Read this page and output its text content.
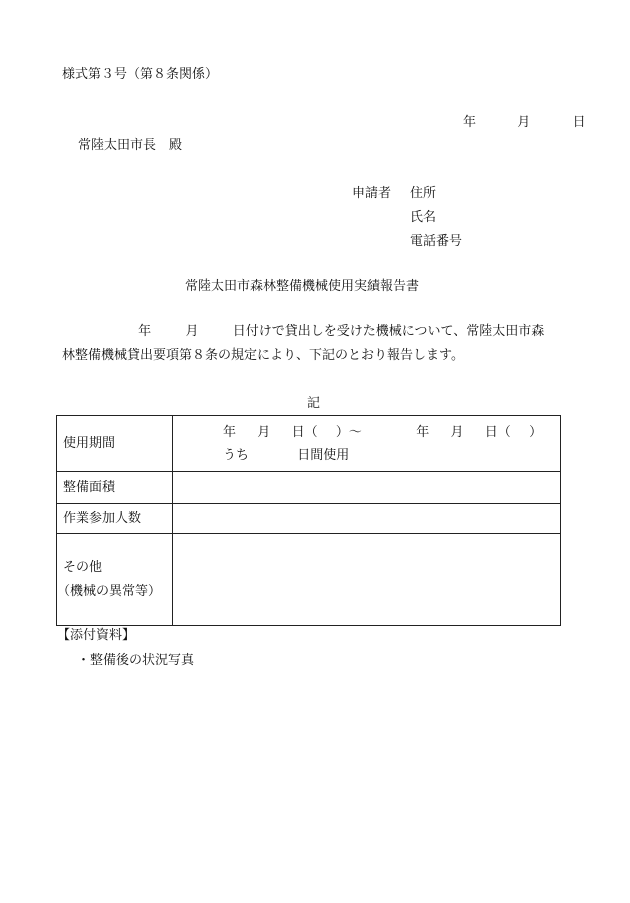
様式第３号（第８条関係）
年	月	日
常陸太田市長　殿
申請者 住所
氏名
電話番号
常陸太田市森林整備機械使用実績報告書
年	月	日付けで貸出しを受けた機械について、常陸太田市森
林整備機械貸出要項第８条の規定により、下記のとおり報告します。
記
使用期間	年 月 日（ ）～ 年 月 日（ ）
うち 日間使用

整備面積	
作業参加人数	

その他
（機械の異常等）	

【添付資料】
・整備後の状況写真
